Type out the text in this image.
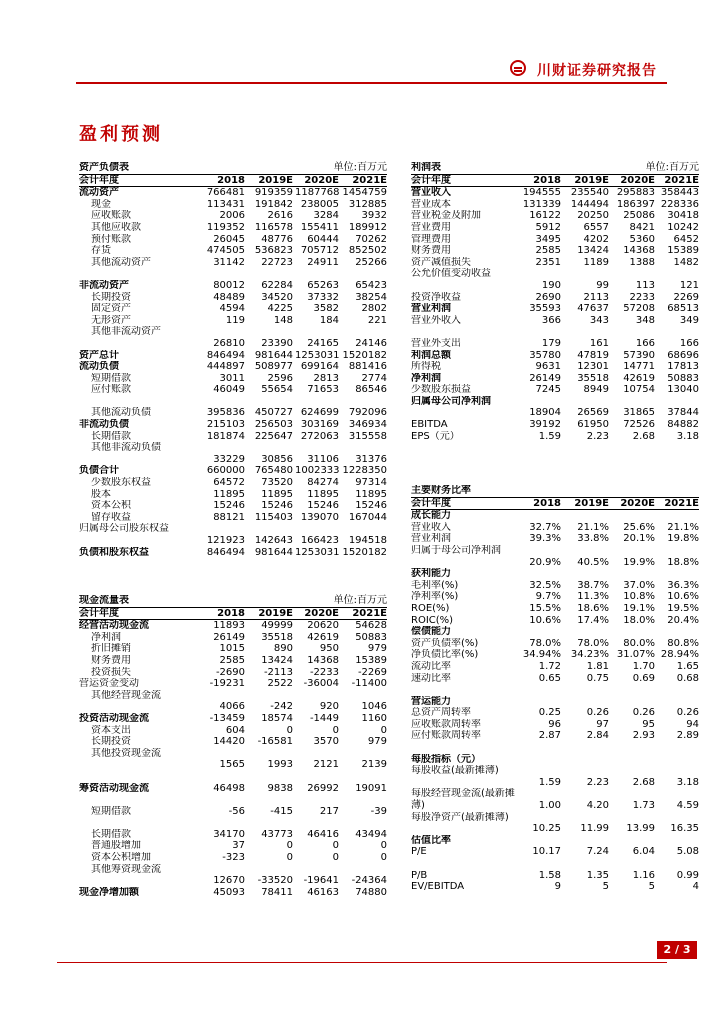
川财证券研究报告
盈利预测
资产负债表	单位:百万元
会计年度	2018	2019E	2020E	2021E
流动资产	766481 919359 1187768 1454759
现金	113431 191842 238005 312885
应收账款	2006	2616	3284	3932
其他应收款	119352 116578 155411 189912
预付账款	26045	48776	60444	70262
存货	474505 536823 705712 852502
其他流动资产	31142	22723	24911	25266
非流动资产	80012	62284	65263	65423
长期投资	48489	34520	37332	38254
固定资产	4594	4225	3582	2802
无形资产	119	148	184	221
其他非流动资产
26810	23390	24165	24146
资产总计	846494 981644 1253031 1520182
流动负债	444897 508977 699164 881416
短期借款	3011	2596	2813	2774
应付账款	46049	55654	71653	86546
其他流动负债	395836 450727 624699 792096
非流动负债	215103 256503 303169 346934
长期借款	181874 225647 272063 315558
其他非流动负债
33229	30856	31106	31376
负债合计	660000 765480 1002333 1228350
少数股东权益	64572	73520	84274	97314
股本	11895	11895	11895	11895
资本公积	15246	15246	15246	15246
留存收益	88121 115403 139070 167044
归属母公司股东权益
121923 142643 166423 194518
负债和股东权益	846494 981644 1253031 1520182
现金流量表	单位:百万元
会计年度	2018	2019E	2020E	2021E
经营活动现金流	11893	49999	20620	54628
净利润	26149	35518	42619	50883
折旧摊销	1015	890	950	979
财务费用	2585	13424	14368	15389
投资损失	-2690	-2113	-2233	-2269
营运资金变动	-19231	2522	-36004	-11400
其他经营现金流
4066	-242	920	1046
投资活动现金流	-13459	18574	-1449	1160
资本支出	604	0	0	0
长期投资	14420	-16581	3570	979
其他投资现金流
1565	1993	2121	2139
筹资活动现金流	46498	9838	26992	19091
短期借款	-56	-415	217	-39
长期借款	34170	43773	46416	43494
普通股增加	37	0	0	0
资本公积增加	-323	0	0	0
其他筹资现金流
12670	-33520	-19641	-24364
现金净增加额	45093	78411	46163	74880
利润表	单位:百万元
会计年度	2018	2019E	2020E 2021E
营业收入	194555 235540 295883 358443
营业成本	131339 144494 186397 228336
营业税金及附加	16122	20250	25086	30418
营业费用	5912	6557	8421	10242
管理费用	3495	4202	5360	6452
财务费用	2585	13424	14368	15389
资产减值损失	2351	1189	1388	1482
公允价值变动收益
190	99	113	121
投资净收益	2690	2113	2233	2269
营业利润	35593	47637	57208	68513
营业外收入	366	343	348	349
营业外支出	179	161	166	166
利润总额	35780	47819	57390	68696
所得税	9631	12301	14771	17813
净利润	26149	35518	42619	50883
少数股东损益	7245	8949	10754	13040
归属母公司净利润
18904	26569	31865	37844
EBITDA	39192	61950	72526	84882
EPS（元）	1.59	2.23	2.68	3.18
主要财务比率
会计年度	2018	2019E	2020E 2021E
成长能力
营业收入	32.7%	21.1%	25.6%	21.1%
营业利润	39.3%	33.8%	20.1%	19.8%
归属于母公司净利润
20.9%	40.5%	19.9%	18.8%
获利能力
毛利率(%)	32.5%	38.7%	37.0%	36.3%
净利率(%)	9.7%	11.3%	10.8%	10.6%
ROE(%)	15.5%	18.6%	19.1%	19.5%
ROIC(%)	10.6%	17.4%	18.0%	20.4%
偿债能力
资产负债率(%)	78.0%	78.0%	80.0%	80.8%
净负债比率(%)	34.94% 34.23% 31.07% 28.94%
流动比率	1.72	1.81	1.70	1.65
速动比率	0.65	0.75	0.69	0.68
营运能力
总资产周转率	0.25	0.26	0.26	0.26
应收账款周转率	96	97	95	94
应付账款周转率	2.87	2.84	2.93	2.89
每股指标（元）
每股收益(最新摊薄)
1.59	2.23	2.68	3.18
每股经营现金流(最新摊薄)	1.00	4.20	1.73	4.59
每股净资产(最新摊薄)
10.25	11.99	13.99	16.35
估值比率
P/E	10.17	7.24	6.04	5.08
P/B	1.58	1.35	1.16	0.99
EV/EBITDA	9	5	5	4
2 / 3
